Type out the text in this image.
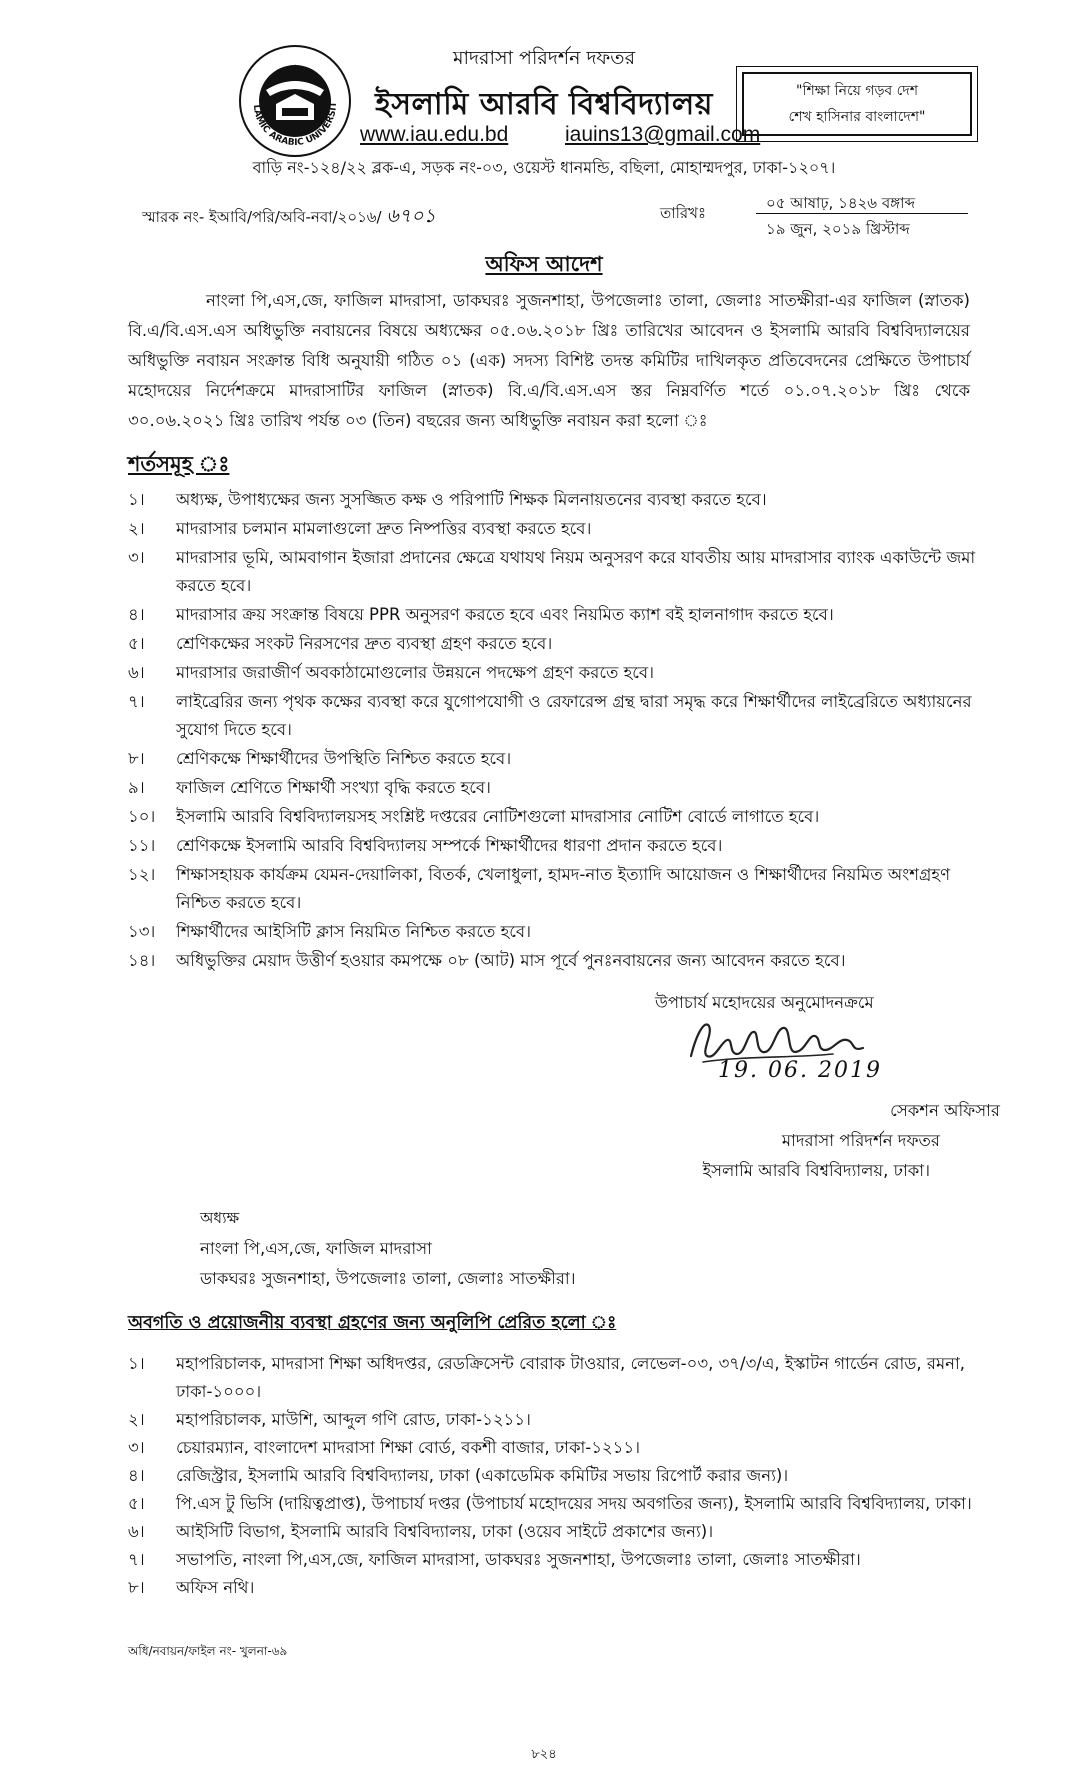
LAMIC ARABIC UNIVERSIT
মাদরাসা পরিদর্শন দফতর
ইসলামি আরবি বিশ্ববিদ্যালয়
www.iau.edu.bd	iauins13@gmail.com
বাড়ি নং-১২৪/২২ ব্লক-এ, সড়ক নং-০৩, ওয়েস্ট ধানমন্ডি, বছিলা, মোহাম্মদপুর, ঢাকা-১২০৭।
"শিক্ষা নিয়ে গড়ব দেশ
শেখ হাসিনার বাংলাদেশ"
স্মারক নং- ইআবি/পরি/অবি-নবা/২০১৬/ ৬৭০১	তারিখঃ
০৫ আষাঢ়, ১৪২৬ বঙ্গাব্দ
১৯ জুন, ২০১৯ খ্রিস্টাব্দ
অফিস আদেশ
নাংলা পি,এস,জে, ফাজিল মাদরাসা, ডাকঘরঃ সুজনশাহা, উপজেলাঃ তালা, জেলাঃ সাতক্ষীরা-এর ফাজিল (স্নাতক) বি.এ/বি.এস.এস অধিভুক্তি নবায়নের বিষয়ে অধ্যক্ষের ০৫.০৬.২০১৮ খ্রিঃ তারিখের আবেদন ও ইসলামি আরবি বিশ্ববিদ্যালয়ের অধিভুক্তি নবায়ন সংক্রান্ত বিধি অনুযায়ী গঠিত ০১ (এক) সদস্য বিশিষ্ট তদন্ত কমিটির দাখিলকৃত প্রতিবেদনের প্রেক্ষিতে উপাচার্য মহোদয়ের নির্দেশক্রমে মাদরাসাটির ফাজিল (স্নাতক) বি.এ/বি.এস.এস স্তর নিম্নবর্ণিত শর্তে ০১.০৭.২০১৮ খ্রিঃ থেকে ৩০.০৬.২০২১ খ্রিঃ তারিখ পর্যন্ত ০৩ (তিন) বছরের জন্য অধিভুক্তি নবায়ন করা হলো ঃ
শর্তসমূহ ঃ
১। অধ্যক্ষ, উপাধ্যক্ষের জন্য সুসজ্জিত কক্ষ ও পরিপাটি শিক্ষক মিলনায়তনের ব্যবস্থা করতে হবে।
২। মাদরাসার চলমান মামলাগুলো দ্রুত নিষ্পত্তির ব্যবস্থা করতে হবে।
৩। মাদরাসার ভূমি, আমবাগান ইজারা প্রদানের ক্ষেত্রে যথাযথ নিয়ম অনুসরণ করে যাবতীয় আয় মাদরাসার ব্যাংক একাউন্টে জমা করতে হবে।
৪। মাদরাসার ক্রয় সংক্রান্ত বিষয়ে PPR অনুসরণ করতে হবে এবং নিয়মিত ক্যাশ বই হালনাগাদ করতে হবে।
৫। শ্রেণিকক্ষের সংকট নিরসণের দ্রুত ব্যবস্থা গ্রহণ করতে হবে।
৬। মাদরাসার জরাজীর্ণ অবকাঠামোগুলোর উন্নয়নে পদক্ষেপ গ্রহণ করতে হবে।
৭। লাইব্রেরির জন্য পৃথক কক্ষের ব্যবস্থা করে যুগোপযোগী ও রেফারেন্স গ্রন্থ দ্বারা সমৃদ্ধ করে শিক্ষার্থীদের লাইব্রেরিতে অধ্যায়নের সুযোগ দিতে হবে।
৮। শ্রেণিকক্ষে শিক্ষার্থীদের উপস্থিতি নিশ্চিত করতে হবে।
৯। ফাজিল শ্রেণিতে শিক্ষার্থী সংখ্যা বৃদ্ধি করতে হবে।
১০। ইসলামি আরবি বিশ্ববিদ্যালয়সহ সংশ্লিষ্ট দপ্তরের নোটিশগুলো মাদরাসার নোটিশ বোর্ডে লাগাতে হবে।
১১। শ্রেণিকক্ষে ইসলামি আরবি বিশ্ববিদ্যালয় সম্পর্কে শিক্ষার্থীদের ধারণা প্রদান করতে হবে।
১২। শিক্ষাসহায়ক কার্যক্রম যেমন-দেয়ালিকা, বিতর্ক, খেলাধুলা, হামদ-নাত ইত্যাদি আয়োজন ও শিক্ষার্থীদের নিয়মিত অংশগ্রহণ নিশ্চিত করতে হবে।
১৩। শিক্ষার্থীদের আইসিটি ক্লাস নিয়মিত নিশ্চিত করতে হবে।
১৪। অধিভুক্তির মেয়াদ উত্তীর্ণ হওয়ার কমপক্ষে ০৮ (আট) মাস পূর্বে পুনঃনবায়নের জন্য আবেদন করতে হবে।
উপাচার্য মহোদয়ের অনুমোদনক্রমে
19. 06. 2019
সেকশন অফিসার
মাদরাসা পরিদর্শন দফতর
ইসলামি আরবি বিশ্ববিদ্যালয়, ঢাকা।
অধ্যক্ষ
নাংলা পি,এস,জে, ফাজিল মাদরাসা
ডাকঘরঃ সুজনশাহা, উপজেলাঃ তালা, জেলাঃ সাতক্ষীরা।
অবগতি ও প্রয়োজনীয় ব্যবস্থা গ্রহণের জন্য অনুলিপি প্রেরিত হলো ঃ
১। মহাপরিচালক, মাদরাসা শিক্ষা অধিদপ্তর, রেডক্রিসেন্ট বোরাক টাওয়ার, লেভেল-০৩, ৩৭/৩/এ, ইস্কাটন গার্ডেন রোড, রমনা, ঢাকা-১০০০।
২। মহাপরিচালক, মাউশি, আব্দুল গণি রোড, ঢাকা-১২১১।
৩। চেয়ারম্যান, বাংলাদেশ মাদরাসা শিক্ষা বোর্ড, বকশী বাজার, ঢাকা-১২১১।
৪। রেজিস্ট্রার, ইসলামি আরবি বিশ্ববিদ্যালয়, ঢাকা (একাডেমিক কমিটির সভায় রিপোর্ট করার জন্য)।
৫। পি.এস টু ভিসি (দায়িত্বপ্রাপ্ত), উপাচার্য দপ্তর (উপাচার্য মহোদয়ের সদয় অবগতির জন্য), ইসলামি আরবি বিশ্ববিদ্যালয়, ঢাকা।
৬। আইসিটি বিভাগ, ইসলামি আরবি বিশ্ববিদ্যালয়, ঢাকা (ওয়েব সাইটে প্রকাশের জন্য)।
৭। সভাপতি, নাংলা পি,এস,জে, ফাজিল মাদরাসা, ডাকঘরঃ সুজনশাহা, উপজেলাঃ তালা, জেলাঃ সাতক্ষীরা।
৮। অফিস নথি।
অধি/নবায়ন/ফাইল নং- খুলনা-৬৯
৮২৪
